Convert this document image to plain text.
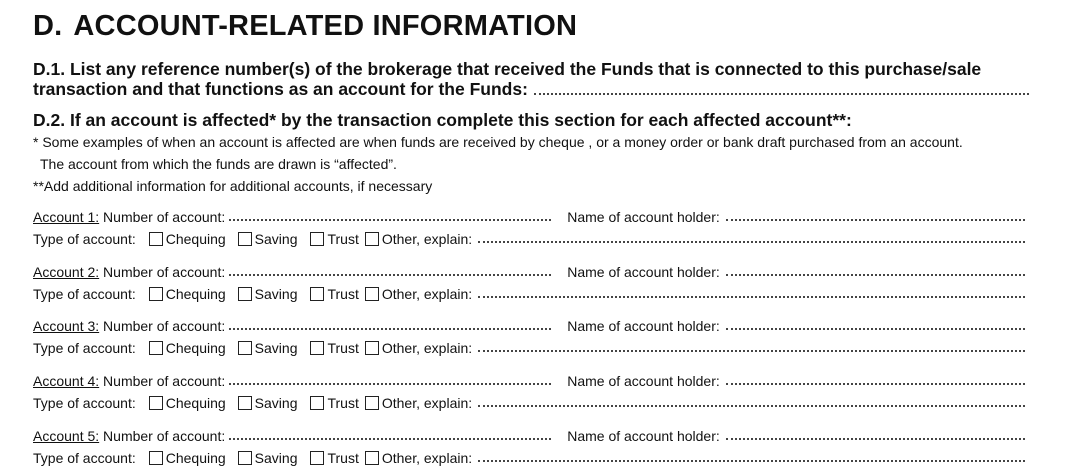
D. ACCOUNT-RELATED INFORMATION
D.1. List any reference number(s) of the brokerage that received the Funds that is connected to this purchase/sale
transaction and that functions as an account for the Funds:
D.2. If an account is affected* by the transaction complete this section for each affected account**:
* Some examples of when an account is affected are when funds are received by cheque , or a money order or bank draft purchased from an account.
The account from which the funds are drawn is “affected”.
**Add additional information for additional accounts, if necessary
Account 1:
Number of account:	Name of account holder:
Type of account: Chequing Saving Trust Other, explain:
Account 2:
Number of account:	Name of account holder:
Type of account: Chequing Saving Trust Other, explain:
Account 3:
Number of account:	Name of account holder:
Type of account: Chequing Saving Trust Other, explain:
Account 4:
Number of account:	Name of account holder:
Type of account: Chequing Saving Trust Other, explain:
Account 5:
Number of account:	Name of account holder:
Type of account: Chequing Saving Trust Other, explain:
